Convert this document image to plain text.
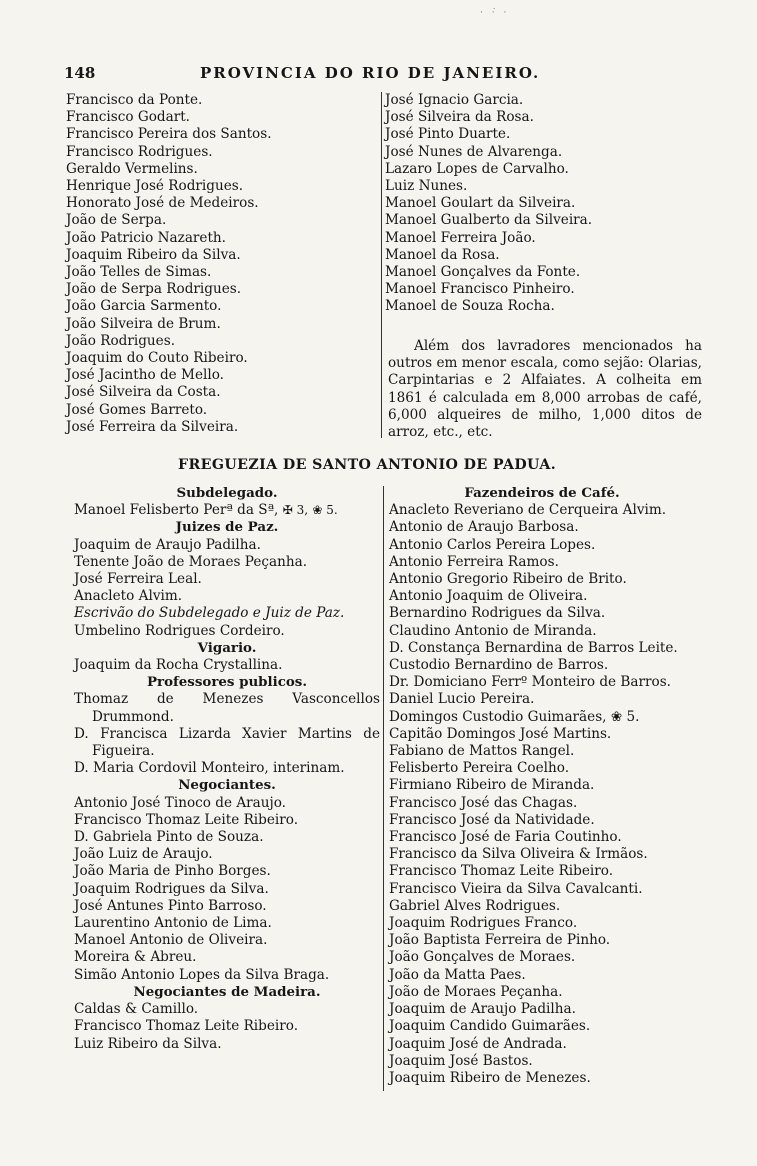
· ·͘ ·
148	PROVINCIA DO RIO DE JANEIRO.
Francisco da Ponte.
Francisco Godart.
Francisco Pereira dos Santos.
Francisco Rodrigues.
Geraldo Vermelins.
Henrique José Rodrigues.
Honorato José de Medeiros.
João de Serpa.
João Patricio Nazareth.
Joaquim Ribeiro da Silva.
João Telles de Simas.
João de Serpa Rodrigues.
João Garcia Sarmento.
João Silveira de Brum.
João Rodrigues.
Joaquim do Couto Ribeiro.
José Jacintho de Mello.
José Silveira da Costa.
José Gomes Barreto.
José Ferreira da Silveira.
José Ignacio Garcia.
José Silveira da Rosa.
José Pinto Duarte.
José Nunes de Alvarenga.
Lazaro Lopes de Carvalho.
Luiz Nunes.
Manoel Goulart da Silveira.
Manoel Gualberto da Silveira.
Manoel Ferreira João.
Manoel da Rosa.
Manoel Gonçalves da Fonte.
Manoel Francisco Pinheiro.
Manoel de Souza Rocha.
Além dos lavradores mencionados ha outros em menor escala, como sejão: Olarias, Carpintarias e 2 Alfaiates. A colheita em 1861 é calculada em 8,000 arrobas de café, 6,000 alqueires de milho, 1,000 ditos de arroz, etc., etc.
FREGUEZIA DE SANTO ANTONIO DE PADUA.
Subdelegado.
Manoel Felisberto Perª da Sª, ✠ 3, ❀ 5.
Juizes de Paz.
Joaquim de Araujo Padilha.
Tenente João de Moraes Peçanha.
José Ferreira Leal.
Anacleto Alvim.
Escrivão do Subdelegado e Juiz de Paz.
Umbelino Rodrigues Cordeiro.
Vigario.
Joaquim da Rocha Crystallina.
Professores publicos.
Thomaz de Menezes Vasconcellos Drummond.
D. Francisca Lizarda Xavier Martins de Figueira.
D. Maria Cordovil Monteiro, interinam.
Negociantes.
Antonio José Tinoco de Araujo.
Francisco Thomaz Leite Ribeiro.
D. Gabriela Pinto de Souza.
João Luiz de Araujo.
João Maria de Pinho Borges.
Joaquim Rodrigues da Silva.
José Antunes Pinto Barroso.
Laurentino Antonio de Lima.
Manoel Antonio de Oliveira.
Moreira & Abreu.
Simão Antonio Lopes da Silva Braga.
Negociantes de Madeira.
Caldas & Camillo.
Francisco Thomaz Leite Ribeiro.
Luiz Ribeiro da Silva.
Fazendeiros de Café.
Anacleto Reveriano de Cerqueira Alvim.
Antonio de Araujo Barbosa.
Antonio Carlos Pereira Lopes.
Antonio Ferreira Ramos.
Antonio Gregorio Ribeiro de Brito.
Antonio Joaquim de Oliveira.
Bernardino Rodrigues da Silva.
Claudino Antonio de Miranda.
D. Constança Bernardina de Barros Leite.
Custodio Bernardino de Barros.
Dr. Domiciano Ferrº Monteiro de Barros.
Daniel Lucio Pereira.
Domingos Custodio Guimarães, ❀ 5.
Capitão Domingos José Martins.
Fabiano de Mattos Rangel.
Felisberto Pereira Coelho.
Firmiano Ribeiro de Miranda.
Francisco José das Chagas.
Francisco José da Natividade.
Francisco José de Faria Coutinho.
Francisco da Silva Oliveira & Irmãos.
Francisco Thomaz Leite Ribeiro.
Francisco Vieira da Silva Cavalcanti.
Gabriel Alves Rodrigues.
Joaquim Rodrigues Franco.
João Baptista Ferreira de Pinho.
João Gonçalves de Moraes.
João da Matta Paes.
João de Moraes Peçanha.
Joaquim de Araujo Padilha.
Joaquim Candido Guimarães.
Joaquim José de Andrada.
Joaquim José Bastos.
Joaquim Ribeiro de Menezes.
